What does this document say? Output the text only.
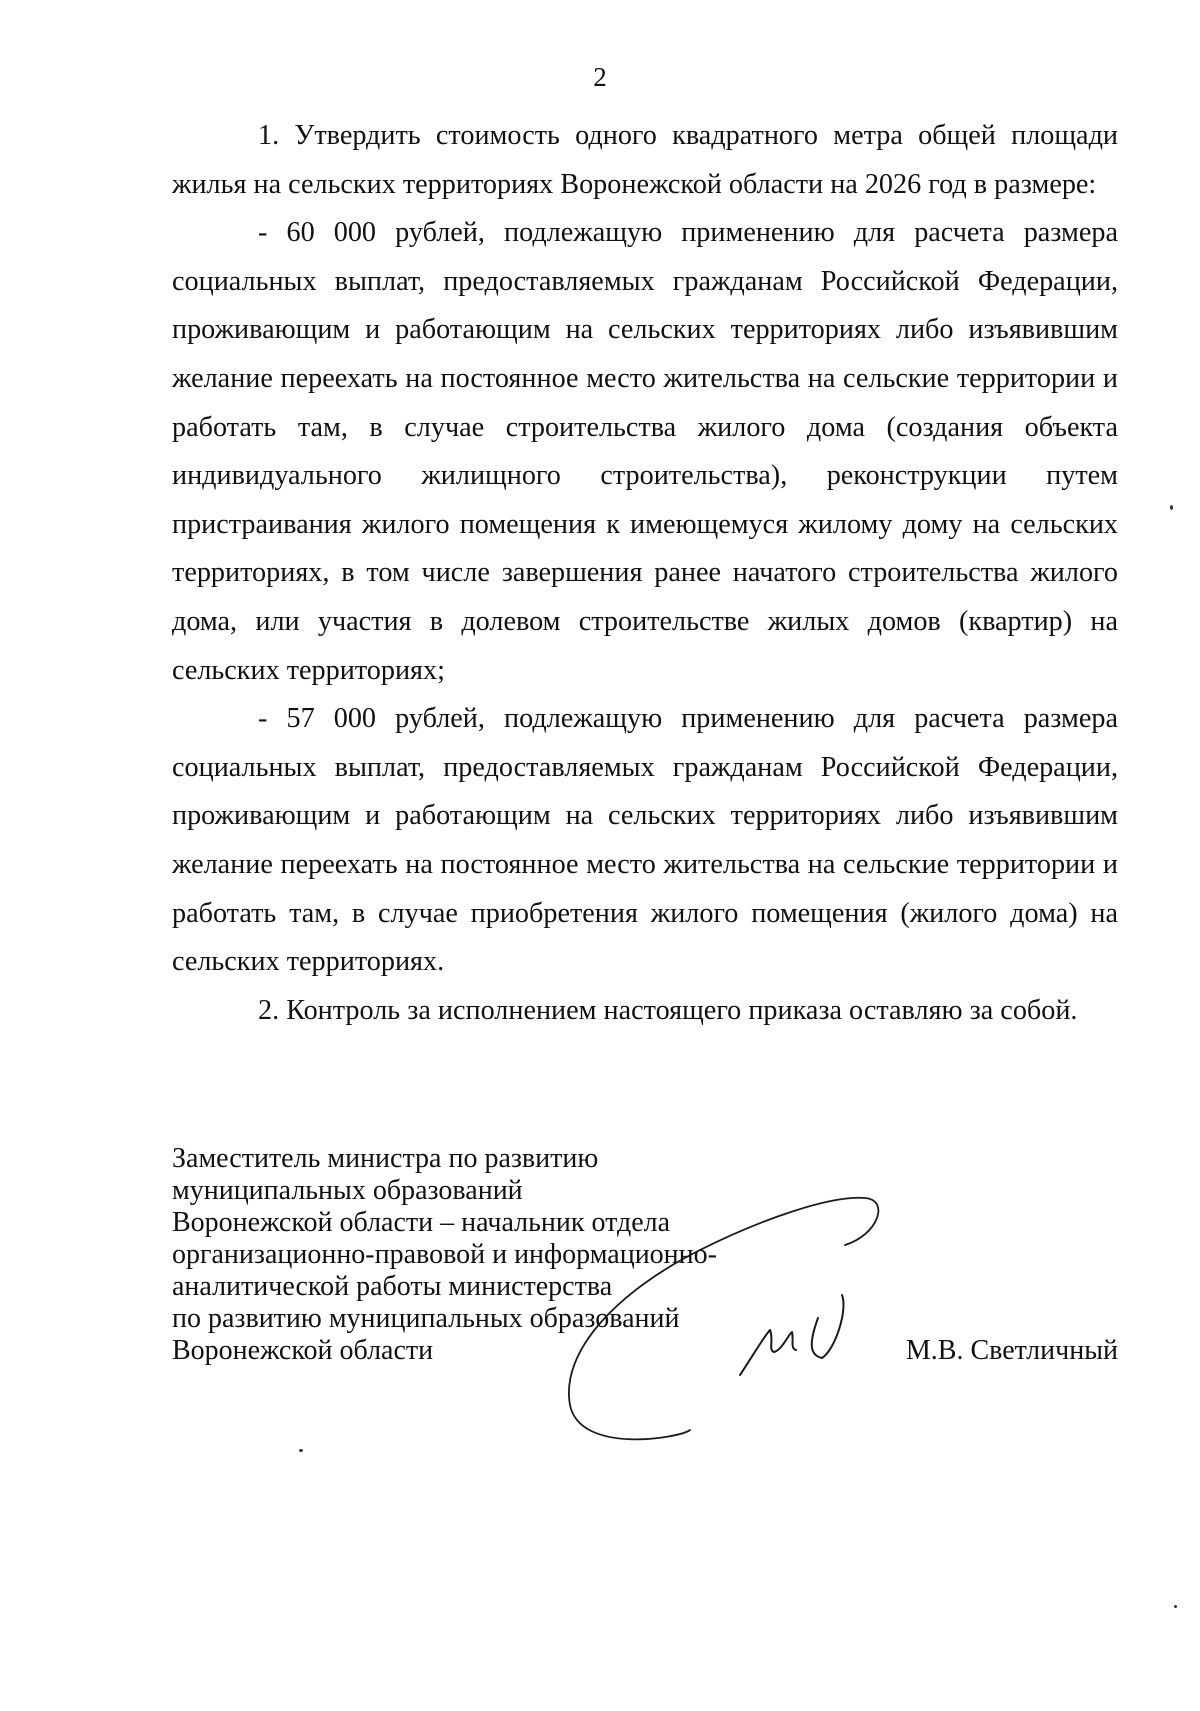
2

1. Утвердить стоимость одного квадратного метра общей площади жилья на сельских территориях Воронежской области на 2026 год в размере:

- 60 000 рублей, подлежащую применению для расчета размера социальных выплат, предоставляемых гражданам Российской Федерации, проживающим и работающим на сельских территориях либо изъявившим желание переехать на постоянное место жительства на сельские территории и работать там, в случае строительства жилого дома (создания объекта индивидуального жилищного строительства), реконструкции путем пристраивания жилого помещения к имеющемуся жилому дому на сельских территориях, в том числе завершения ранее начатого строительства жилого дома, или участия в долевом строительстве жилых домов (квартир) на сельских территориях;

- 57 000 рублей, подлежащую применению для расчета размера социальных выплат, предоставляемых гражданам Российской Федерации, проживающим и работающим на сельских территориях либо изъявившим желание переехать на постоянное место жительства на сельские территории и работать там, в случае приобретения жилого помещения (жилого дома) на сельских территориях.

2. Контроль за исполнением настоящего приказа оставляю за собой.

Заместитель министра по развитию
муниципальных образований
Воронежской области – начальник отдела
организационно-правовой и информационно-
аналитической работы министерства
по развитию муниципальных образований
Воронежской области	М.В. Светличный
